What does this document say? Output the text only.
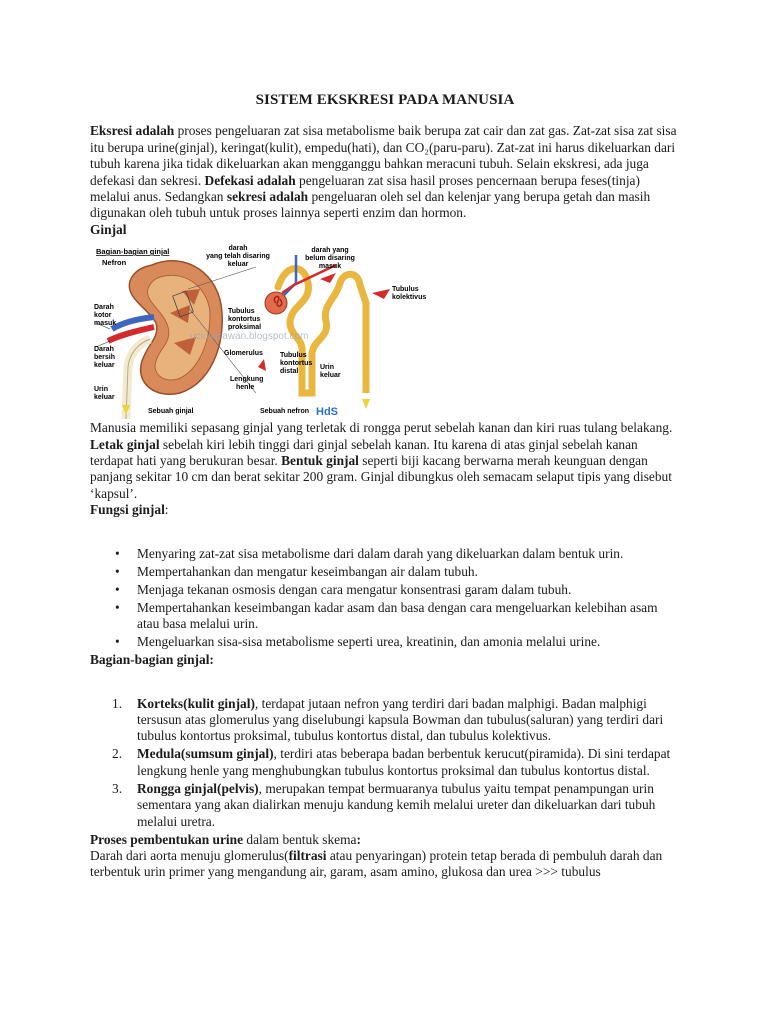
SISTEM EKSKRESI PADA MANUSIA

Eksresi adalah proses pengeluaran zat sisa metabolisme baik berupa zat cair dan zat gas. Zat-zat sisa zat sisa itu berupa urine(ginjal), keringat(kulit), empedu(hati), dan CO₂(paru-paru). Zat-zat ini harus dikeluarkan dari tubuh karena jika tidak dikeluarkan akan mengganggu bahkan meracuni tubuh. Selain ekskresi, ada juga defekasi dan sekresi. Defekasi adalah pengeluaran zat sisa hasil proses pencernaan berupa feses(tinja) melalui anus. Sedangkan sekresi adalah pengeluaran oleh sel dan kelenjar yang berupa getah dan masih digunakan oleh tubuh untuk proses lainnya seperti enzim dan hormon.

Ginjal

Bagian-bagian ginjal
Nefron
Darah
kotor
masuk
Darah
bersih
keluar
Urin
keluar
Sebuah ginjal
darah
yang telah disaring
keluar
darah yang
belum disaring
masuk
Tubulus
kolektivus
Tubulus
kontortus
proksimal
Glomerulus Tubulus
kontortus
distal
Lengkung
henle
Urin
keluar
Sebuah nefron
uciusarawan.blogspot.com
HdS

Manusia memiliki sepasang ginjal yang terletak di rongga perut sebelah kanan dan kiri ruas tulang belakang. Letak ginjal sebelah kiri lebih tinggi dari ginjal sebelah kanan. Itu karena di atas ginjal sebelah kanan terdapat hati yang berukuran besar. Bentuk ginjal seperti biji kacang berwarna merah keunguan dengan panjang sekitar 10 cm dan berat sekitar 200 gram. Ginjal dibungkus oleh semacam selaput tipis yang disebut ‘kapsul’.

Fungsi ginjal:

• Menyaring zat-zat sisa metabolisme dari dalam darah yang dikeluarkan dalam bentuk urin.
• Mempertahankan dan mengatur keseimbangan air dalam tubuh.
• Menjaga tekanan osmosis dengan cara mengatur konsentrasi garam dalam tubuh.
• Mempertahankan keseimbangan kadar asam dan basa dengan cara mengeluarkan kelebihan asam atau basa melalui urin.
• Mengeluarkan sisa-sisa metabolisme seperti urea, kreatinin, dan amonia melalui urine.

Bagian-bagian ginjal:

1. Korteks(kulit ginjal), terdapat jutaan nefron yang terdiri dari badan malphigi. Badan malphigi tersusun atas glomerulus yang diselubungi kapsula Bowman dan tubulus(saluran) yang terdiri dari tubulus kontortus proksimal, tubulus kontortus distal, dan tubulus kolektivus.
2. Medula(sumsum ginjal), terdiri atas beberapa badan berbentuk kerucut(piramida). Di sini terdapat lengkung henle yang menghubungkan tubulus kontortus proksimal dan tubulus kontortus distal.
3. Rongga ginjal(pelvis), merupakan tempat bermuaranya tubulus yaitu tempat penampungan urin sementara yang akan dialirkan menuju kandung kemih melalui ureter dan dikeluarkan dari tubuh melalui uretra.

Proses pembentukan urine dalam bentuk skema:

Darah dari aorta menuju glomerulus(filtrasi atau penyaringan) protein tetap berada di pembuluh darah dan terbentuk urin primer yang mengandung air, garam, asam amino, glukosa dan urea >>> tubulus
